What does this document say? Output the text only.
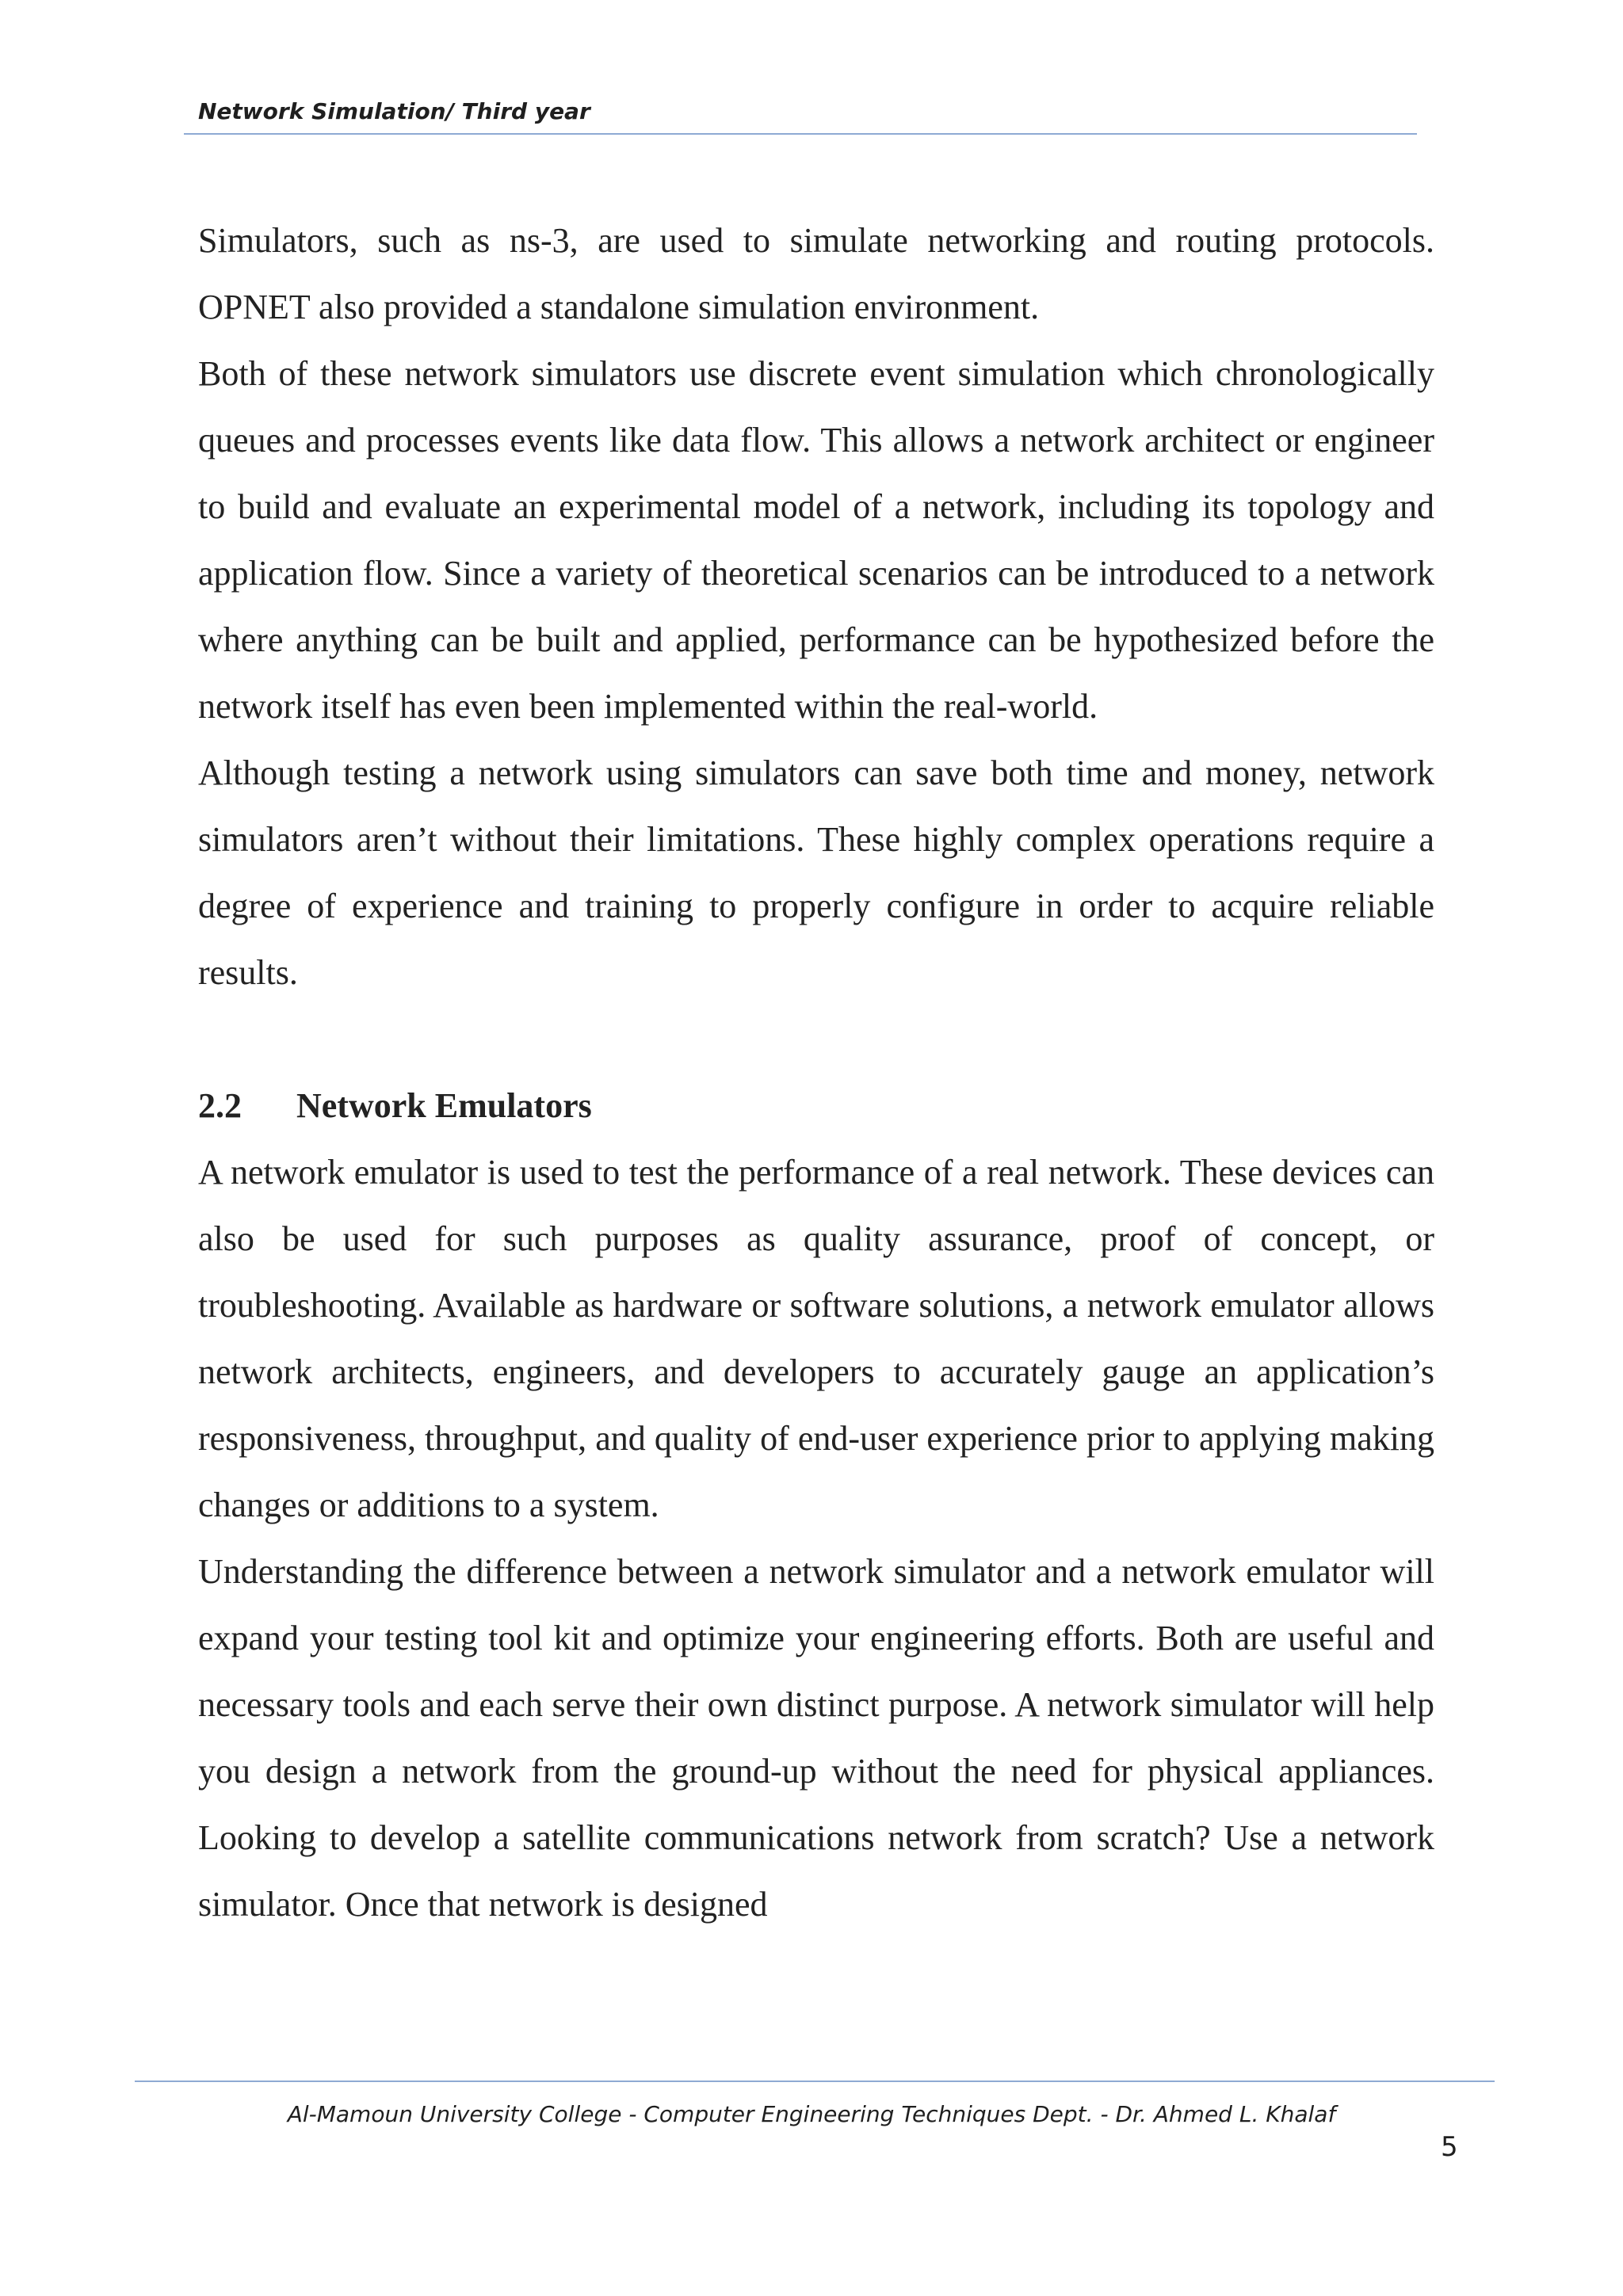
Network Simulation/ Third year

Simulators, such as ns-3, are used to simulate networking and routing protocols. OPNET also provided a standalone simulation environment.

Both of these network simulators use discrete event simulation which chronologically queues and processes events like data flow. This allows a network architect or engineer to build and evaluate an experimental model of a network, including its topology and application flow. Since a variety of theoretical scenarios can be introduced to a network where anything can be built and applied, performance can be hypothesized before the network itself has even been implemented within the real-world.

Although testing a network using simulators can save both time and money, network simulators aren’t without their limitations. These highly complex operations require a degree of experience and training to properly configure in order to acquire reliable results.

2.2 Network Emulators

A network emulator is used to test the performance of a real network. These devices can also be used for such purposes as quality assurance, proof of concept, or troubleshooting. Available as hardware or software solutions, a network emulator allows network architects, engineers, and developers to accurately gauge an application’s responsiveness, throughput, and quality of end-user experience prior to applying making changes or additions to a system.

Understanding the difference between a network simulator and a network emulator will expand your testing tool kit and optimize your engineering efforts. Both are useful and necessary tools and each serve their own distinct purpose. A network simulator will help you design a network from the ground-up without the need for physical appliances. Looking to develop a satellite communications network from scratch? Use a network simulator. Once that network is designed

Al-Mamoun University College - Computer Engineering Techniques Dept. - Dr. Ahmed L. Khalaf
5
